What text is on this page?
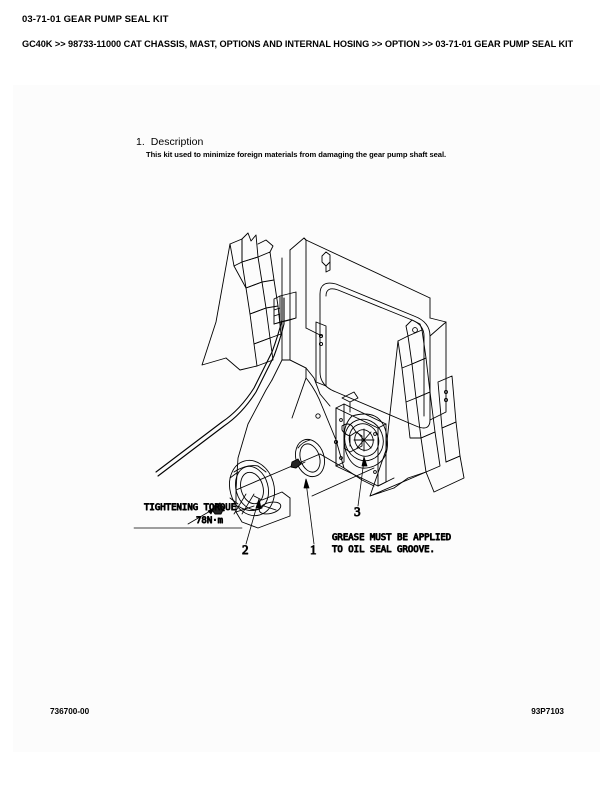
03-71-01 GEAR PUMP SEAL KIT
GC40K >> 98733-11000 CAT CHASSIS, MAST, OPTIONS AND INTERNAL HOSING >> OPTION >> 03-71-01 GEAR PUMP SEAL KIT
1. Description
This kit used to minimize foreign materials from damaging the gear pump shaft seal.
TIGHTENING TORQUE
78N·m
GREASE MUST BE APPLIED
TO OIL SEAL GROOVE.
2	1
3
736700-00	93P7103
